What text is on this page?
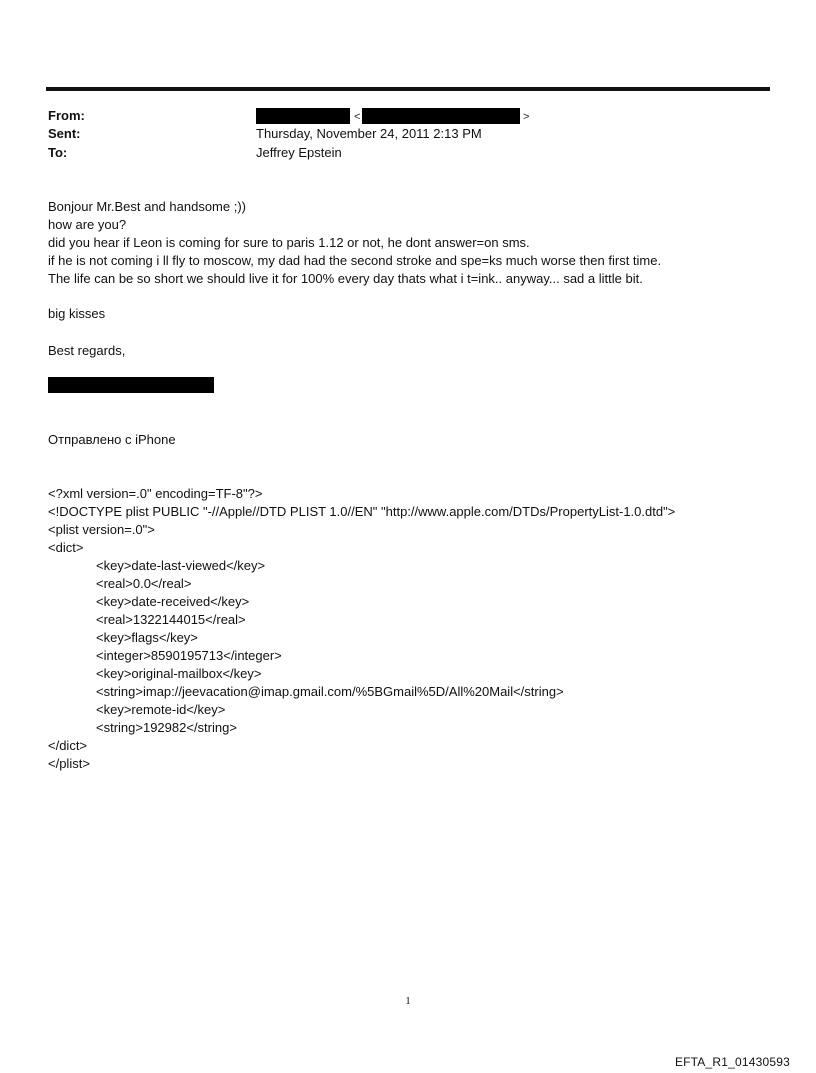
From:	<	>
Sent:	Thursday, November 24, 2011 2:13 PM
To:	Jeffrey Epstein
Bonjour Mr.Best and handsome ;))
how are you?
did you hear if Leon is coming for sure to paris 1.12 or not, he dont answer=on sms.
if he is not coming i ll fly to moscow, my dad had the second stroke and spe=ks much worse then first time.
The life can be so short we should live it for 100% every day thats what i t=ink.. anyway... sad a little bit.
big kisses
Best regards,
Отправлено с iPhone
<?xml version=.0" encoding=TF-8"?>
<!DOCTYPE plist PUBLIC "-//Apple//DTD PLIST 1.0//EN" "http://www.apple.com/DTDs/PropertyList-1.0.dtd">
<plist version=.0">
<dict>
<key>date-last-viewed</key>
<real>0.0</real>
<key>date-received</key>
<real>1322144015</real>
<key>flags</key>
<integer>8590195713</integer>
<key>original-mailbox</key>
<string>imap://jeevacation@imap.gmail.com/%5BGmail%5D/All%20Mail</string>
<key>remote-id</key>
<string>192982</string>
</dict>
</plist>
1
EFTA_R1_01430593
